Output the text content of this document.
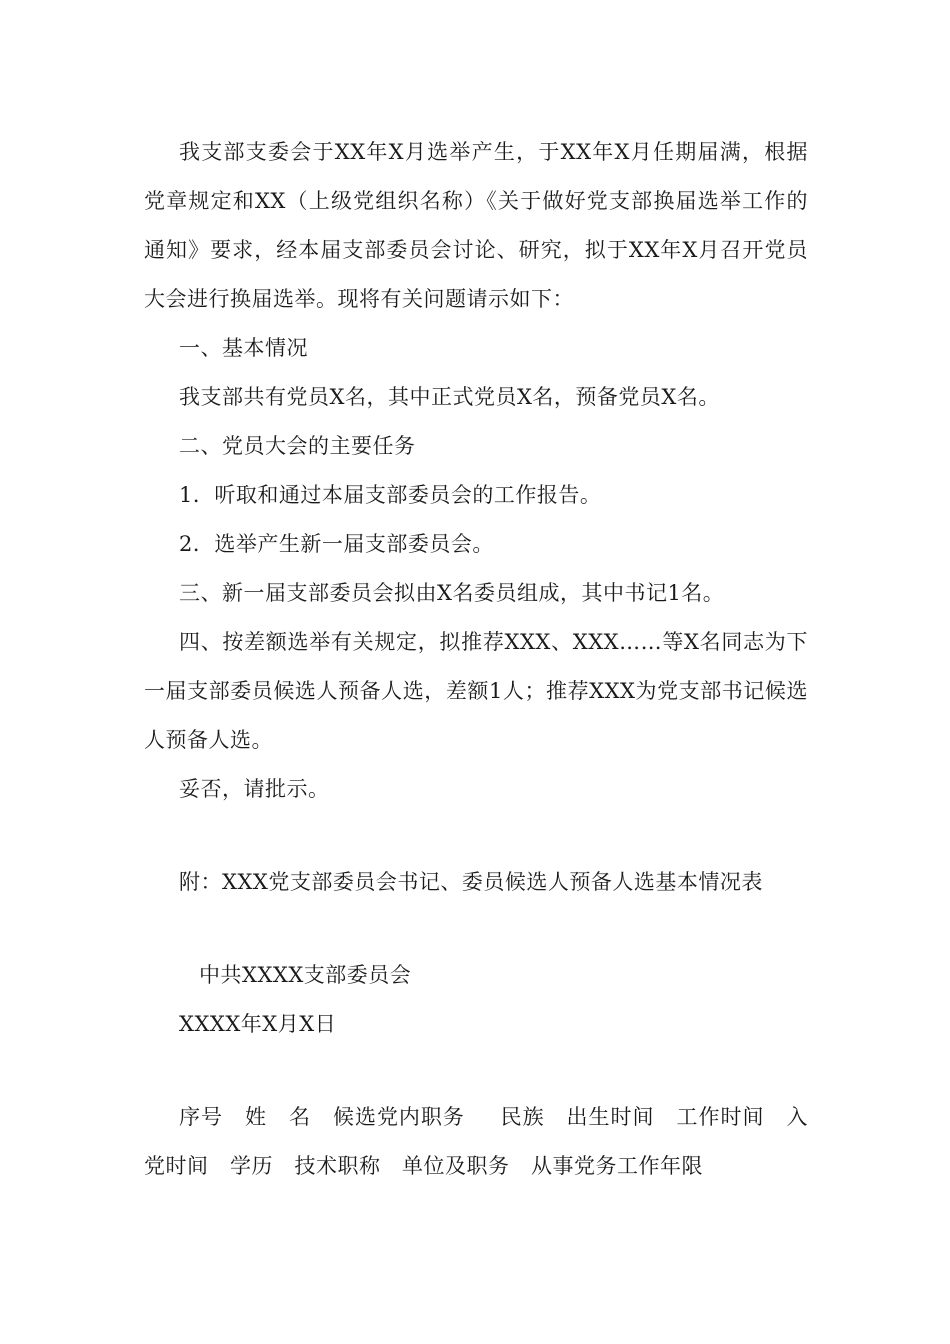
我支部支委会于XX年X月选举产生，于XX年X月任期届满，根据党章规定和XX（上级党组织名称）《关于做好党支部换届选举工作的通知》要求，经本届支部委员会讨论、研究，拟于XX年X月召开党员大会进行换届选举。现将有关问题请示如下：

一、基本情况

我支部共有党员X名，其中正式党员X名，预备党员X名。

二、党员大会的主要任务

1．听取和通过本届支部委员会的工作报告。

2．选举产生新一届支部委员会。

三、新一届支部委员会拟由X名委员组成，其中书记1名。

四、按差额选举有关规定，拟推荐XXX、XXX……等X名同志为下一届支部委员候选人预备人选，差额1人；推荐XXX为党支部书记候选人预备人选。

妥否，请批示。

附：XXX党支部委员会书记、委员候选人预备人选基本情况表

中共XXXX支部委员会

XXXX年X月X日

序号　姓　名　候选党内职务　 民族　出生时间　工作时间　入　党时间　学历　技术职称　单位及职务　从事党务工作年限
